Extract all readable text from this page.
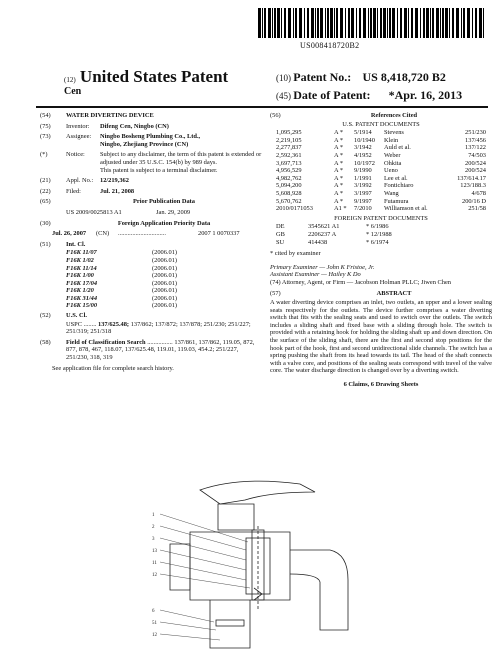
US008418720B2
(12) United States Patent
Cen
(10) Patent No.: US 8,418,720 B2
(45) Date of Patent: *Apr. 16, 2013
(54)	WATER DIVERTING DEVICE
(75)	Inventor:	Difeng Cen, Ningbo (CN)
(73)	Assignee:	Ningbo Bosheng Plumbing Co., Ltd.,
Ningbo, Zhejiang Province (CN)
(*)	Notice:	Subject to any disclaimer, the term of this patent is extended or adjusted under 35 U.S.C. 154(b) by 989 days.
This patent is subject to a terminal disclaimer.
(21)	Appl. No.:	12/219,362
(22)	Filed:	Jul. 21, 2008
(65)	Prior Publication Data
US 2009/0025813 A1	Jan. 29, 2009
(30)	Foreign Application Priority Data
Jul. 26, 2007	(CN)	..............................	2007 1 0070337
(51)	Int. Cl.
F16K 11/07	(2006.01)
F16K 1/02	(2006.01)
F16K 11/14	(2006.01)
F16K 1/00	(2006.01)
F16K 17/04	(2006.01)
F16K 1/20	(2006.01)
F16K 31/44	(2006.01)
F16K 15/00	(2006.01)
(52)	U.S. Cl.
USPC ........ 137/625.48; 137/862; 137/872; 137/878; 251/230; 251/227; 251/319; 251/318
(58)	Field of Classification Search ................ 137/861, 137/862, 119.05, 872, 877, 878, 467, 118.07, 137/625.48, 119.01, 119.03, 454.2; 251/227, 251/230, 318, 319
See application file for complete search history.
(56)	References Cited
U.S. PATENT DOCUMENTS
1,095,295	A *	5/1914	Stevens	251/230
2,219,105	A *	10/1940	Klein	137/456
2,277,837	A *	3/1942	Auld et al.	137/122
2,592,361	A *	4/1952	Weber	74/503
3,697,713	A *	10/1972	Ohkita	200/524
4,956,529	A *	9/1990	Ueno	200/524
4,982,762	A *	1/1991	Lee et al.	137/614.17
5,094,200	A *	3/1992	Fontichiaro	123/188.3
5,608,928	A *	3/1997	Wang	4/678
5,670,762	A *	9/1997	Futamura	200/16 D
2010/0171053	A1 *	7/2010	Williamson et al.	251/58
FOREIGN PATENT DOCUMENTS
DE	3545621 A1	* 6/1986
GB	2206237 A	* 12/1988
SU	414438	* 6/1974
* cited by examiner
Primary Examiner — John K Fristoe, Jr.
Assistant Examiner — Hailey K Do
(74) Attorney, Agent, or Firm — Jacobson Holman PLLC; Jiwen Chen
(57)	ABSTRACT
A water diverting device comprises an inlet, two outlets, an upper and a lower sealing seats respectively for the outlets. The device further comprises a water diverting switch that fits with the sealing seats and used to switch over the outlets. The switch includes a sliding shaft and fixed base with a sliding through hole. The switch is provided with a retaining hook for holding the sliding shaft up and down direction. On the surface of the sliding shaft, there are the first and second stop positions for the hook part of the hook, first and second unidirectional slide channels. The switch has a spring pushing the shaft from its head towards its tail. The head of the shaft connects with a valve core, and positions of the sealing seats correspond with travel of the valve core. The water discharge direction is changed over by a diverting switch.
6 Claims, 6 Drawing Sheets
1
2
3
13
11
12
6
51
12
